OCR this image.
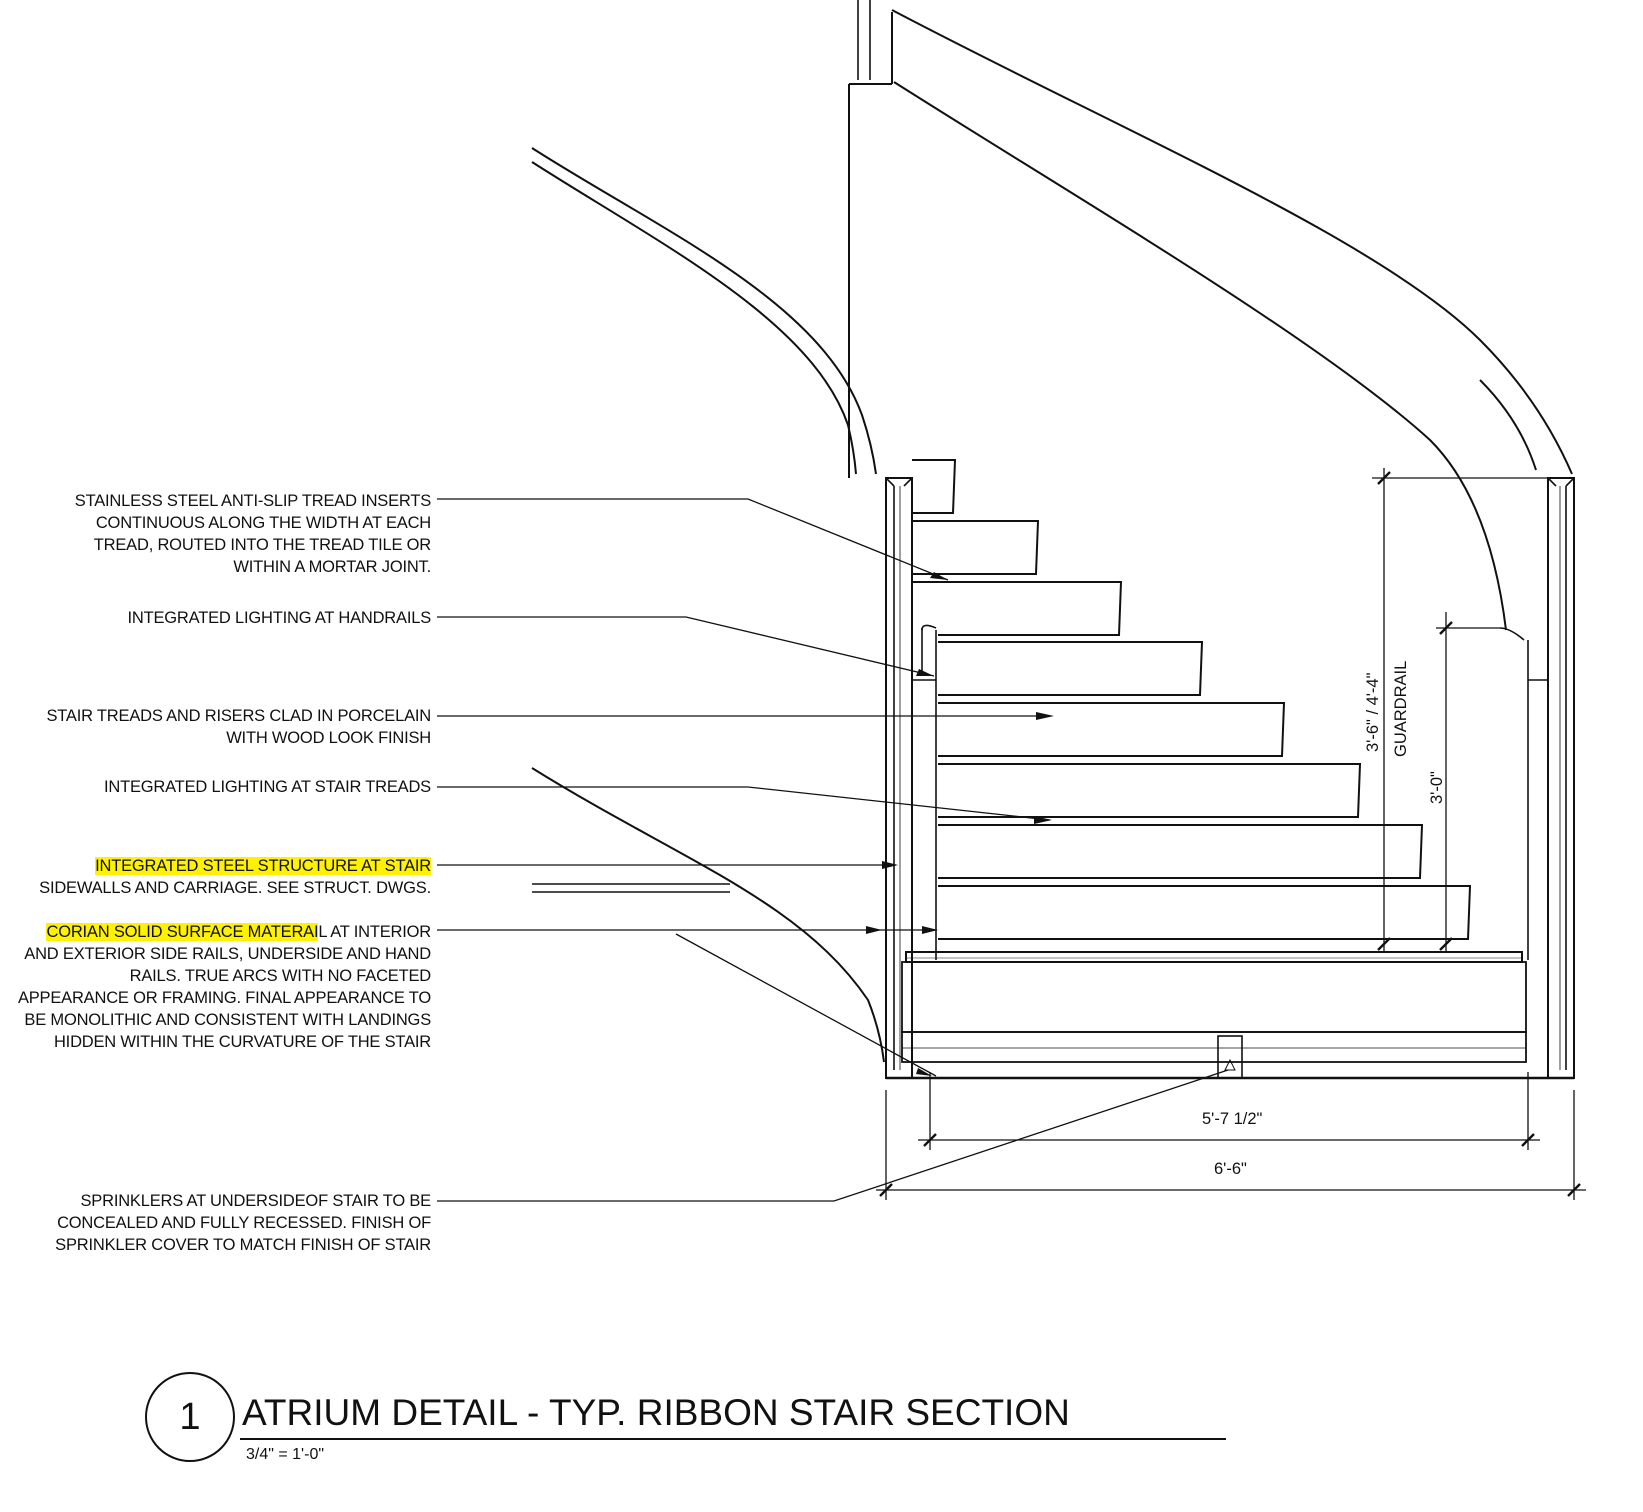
STAINLESS STEEL ANTI-SLIP TREAD INSERTS
CONTINUOUS ALONG THE WIDTH AT EACH
TREAD, ROUTED INTO THE TREAD TILE OR
WITHIN A MORTAR JOINT.
INTEGRATED LIGHTING AT HANDRAILS
STAIR TREADS AND RISERS CLAD IN PORCELAIN
WITH WOOD LOOK FINISH
INTEGRATED LIGHTING AT STAIR TREADS
INTEGRATED STEEL STRUCTURE AT STAIR
SIDEWALLS AND CARRIAGE. SEE STRUCT. DWGS.
CORIAN SOLID SURFACE MATERAIL AT INTERIOR
AND EXTERIOR SIDE RAILS, UNDERSIDE AND HAND
RAILS. TRUE ARCS WITH NO FACETED
APPEARANCE OR FRAMING. FINAL APPEARANCE TO
BE MONOLITHIC AND CONSISTENT WITH LANDINGS
HIDDEN WITHIN THE CURVATURE OF THE STAIR
SPRINKLERS AT UNDERSIDEOF STAIR TO BE
CONCEALED AND FULLY RECESSED. FINISH OF
SPRINKLER COVER TO MATCH FINISH OF STAIR
5'-7 1/2"
6'-6"
3'-6" / 4'-4" GUARDRAIL
3'-0"
1	ATRIUM DETAIL - TYP. RIBBON STAIR SECTION
3/4" = 1'-0"
